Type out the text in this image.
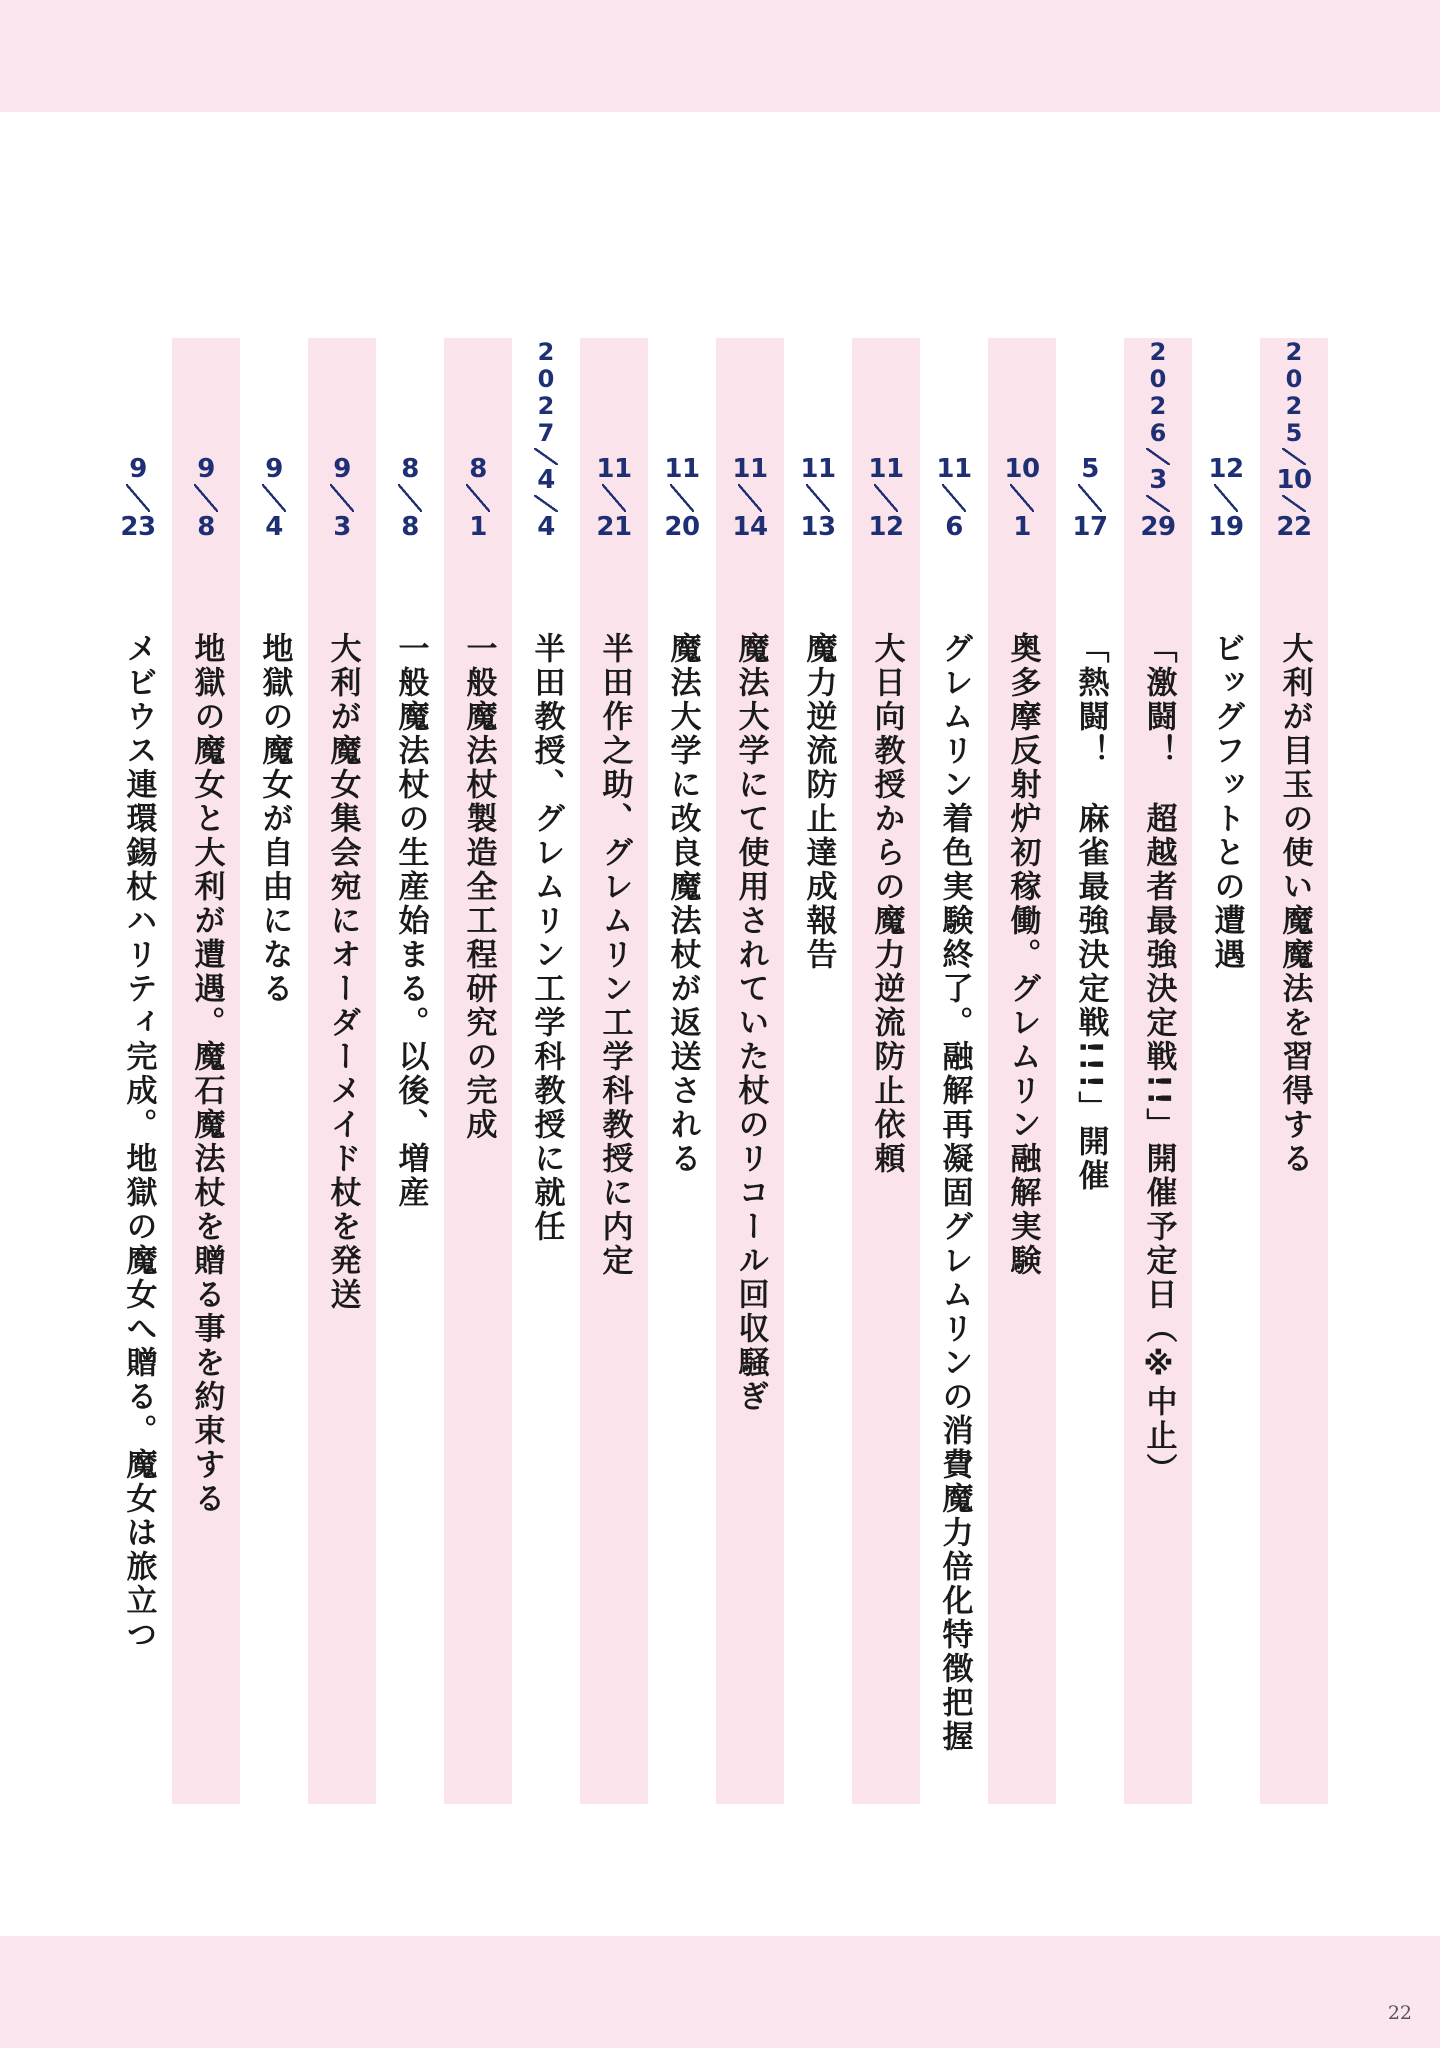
2025
10
22
大利が目玉の使い魔魔法を習得する
12
19
ビッグフットとの遭遇
2026
3
29
「激闘！　超越者最強決定戦!!」開催予定日（※中止）
5
17
「熱闘！　麻雀最強決定戦!!!」開催
10
1
奥多摩反射炉初稼働。グレムリン融解実験
11
6
グレムリン着色実験終了。融解再凝固グレムリンの消費魔力倍化特徴把握
11
12
大日向教授からの魔力逆流防止依頼
11
13
魔力逆流防止達成報告
11
14
魔法大学にて使用されていた杖のリコール回収騒ぎ
11
20
魔法大学に改良魔法杖が返送される
11
21
半田作之助、グレムリン工学科教授に内定
2027
4
4
半田教授、グレムリン工学科教授に就任
8
1
一般魔法杖製造全工程研究の完成
8
8
一般魔法杖の生産始まる。以後、増産
9
3
大利が魔女集会宛にオーダーメイド杖を発送
9
4
地獄の魔女が自由になる
9
8
地獄の魔女と大利が遭遇。魔石魔法杖を贈る事を約束する
9
23
メビウス連環錫杖ハリティ完成。地獄の魔女へ贈る。魔女は旅立つ
22
